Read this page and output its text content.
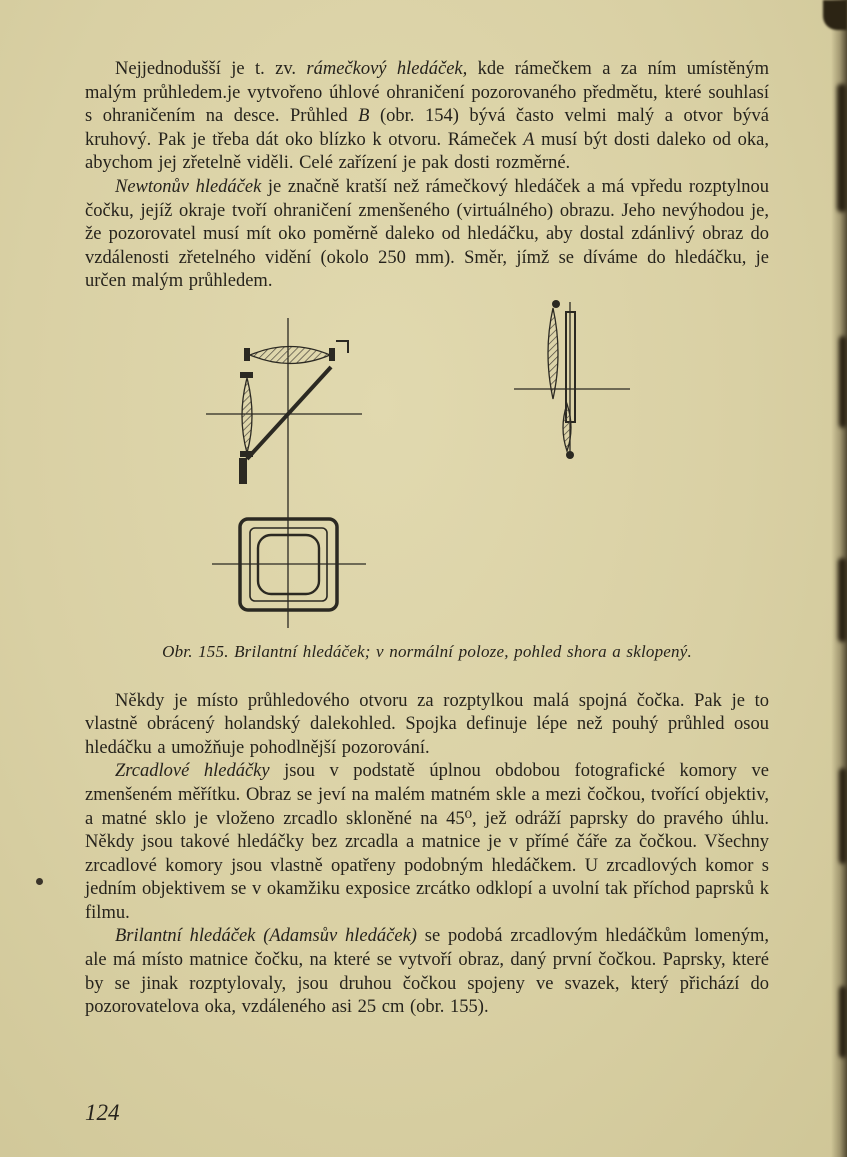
Nejjednodušší je t. zv. rámečkový hledáček, kde rámečkem a za ním umístěným malým průhledem.je vytvořeno úhlové ohraničení pozorovaného předmětu, které souhlasí s ohraničením na desce. Průhled B (obr. 154) bývá často velmi malý a otvor bývá kruhový. Pak je třeba dát oko blízko k otvoru. Rámeček A musí být dosti daleko od oka, abychom jej zřetelně viděli. Celé zařízení je pak dosti rozměrné.

Newtonův hledáček je značně kratší než rámečkový hledáček a má vpředu rozptylnou čočku, jejíž okraje tvoří ohraničení zmenšeného (virtuálného) obrazu. Jeho nevýhodou je, že pozorovatel musí mít oko poměrně daleko od hledáčku, aby dostal zdánlivý obraz do vzdálenosti zřetelného vidění (okolo 250 mm). Směr, jímž se díváme do hledáčku, je určen malým průhledem.

Obr. 155. Brilantní hledáček; v normální poloze, pohled shora a sklopený.

Někdy je místo průhledového otvoru za rozptylkou malá spojná čočka. Pak je to vlastně obrácený holandský dalekohled. Spojka definuje lépe než pouhý průhled osou hledáčku a umožňuje pohodlnější pozorování.

Zrcadlové hledáčky jsou v podstatě úplnou obdobou fotografické komory ve zmenšeném měřítku. Obraz se jeví na malém matném skle a mezi čočkou, tvořící objektiv, a matné sklo je vloženo zrcadlo skloněné na 45⁰, jež odráží paprsky do pravého úhlu. Někdy jsou takové hledáčky bez zrcadla a matnice je v přímé čáře za čočkou. Všechny zrcadlové komory jsou vlastně opatřeny podobným hledáčkem. U zrcadlových komor s jedním objektivem se v okamžiku exposice zrcátko odklopí a uvolní tak příchod paprsků k filmu.

Brilantní hledáček (Adamsův hledáček) se podobá zrcadlovým hledáčkům lomeným, ale má místo matnice čočku, na které se vytvoří obraz, daný první čočkou. Paprsky, které by se jinak rozptylovaly, jsou druhou čočkou spojeny ve svazek, který přichází do pozorovatelova oka, vzdáleného asi 25 cm (obr. 155).

124
